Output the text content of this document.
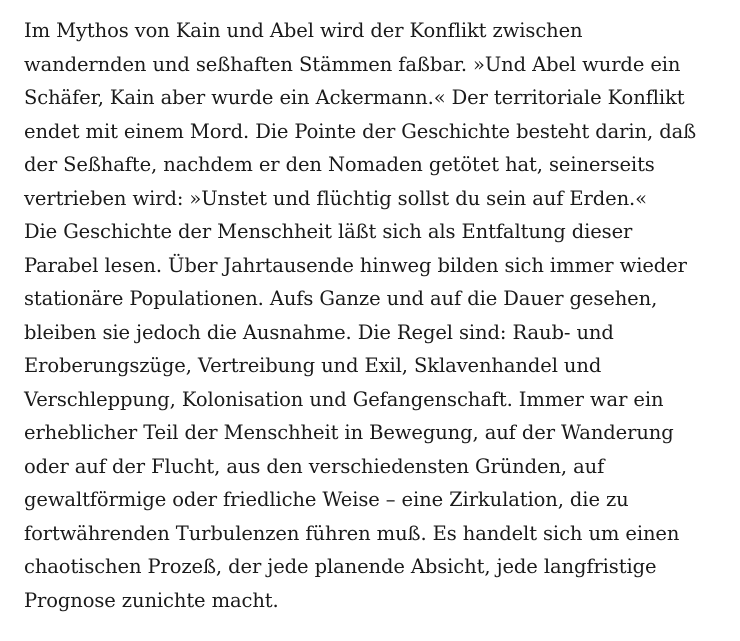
Im Mythos von Kain und Abel wird der Konflikt zwischen
wandernden und seßhaften Stämmen faßbar. »Und Abel wurde ein
Schäfer, Kain aber wurde ein Ackermann.« Der territoriale Konflikt
endet mit einem Mord. Die Pointe der Geschichte besteht darin, daß
der Seßhafte, nachdem er den Nomaden getötet hat, seinerseits
vertrieben wird: »Unstet und flüchtig sollst du sein auf Erden.«

Die Geschichte der Menschheit läßt sich als Entfaltung dieser
Parabel lesen. Über Jahrtausende hinweg bilden sich immer wieder
stationäre Populationen. Aufs Ganze und auf die Dauer gesehen,
bleiben sie jedoch die Ausnahme. Die Regel sind: Raub- und
Eroberungszüge, Vertreibung und Exil, Sklavenhandel und
Verschleppung, Kolonisation und Gefangenschaft. Immer war ein
erheblicher Teil der Menschheit in Bewegung, auf der Wanderung
oder auf der Flucht, aus den verschiedensten Gründen, auf
gewaltförmige oder friedliche Weise – eine Zirkulation, die zu
fortwährenden Turbulenzen führen muß. Es handelt sich um einen
chaotischen Prozeß, der jede planende Absicht, jede langfristige
Prognose zunichte macht.
